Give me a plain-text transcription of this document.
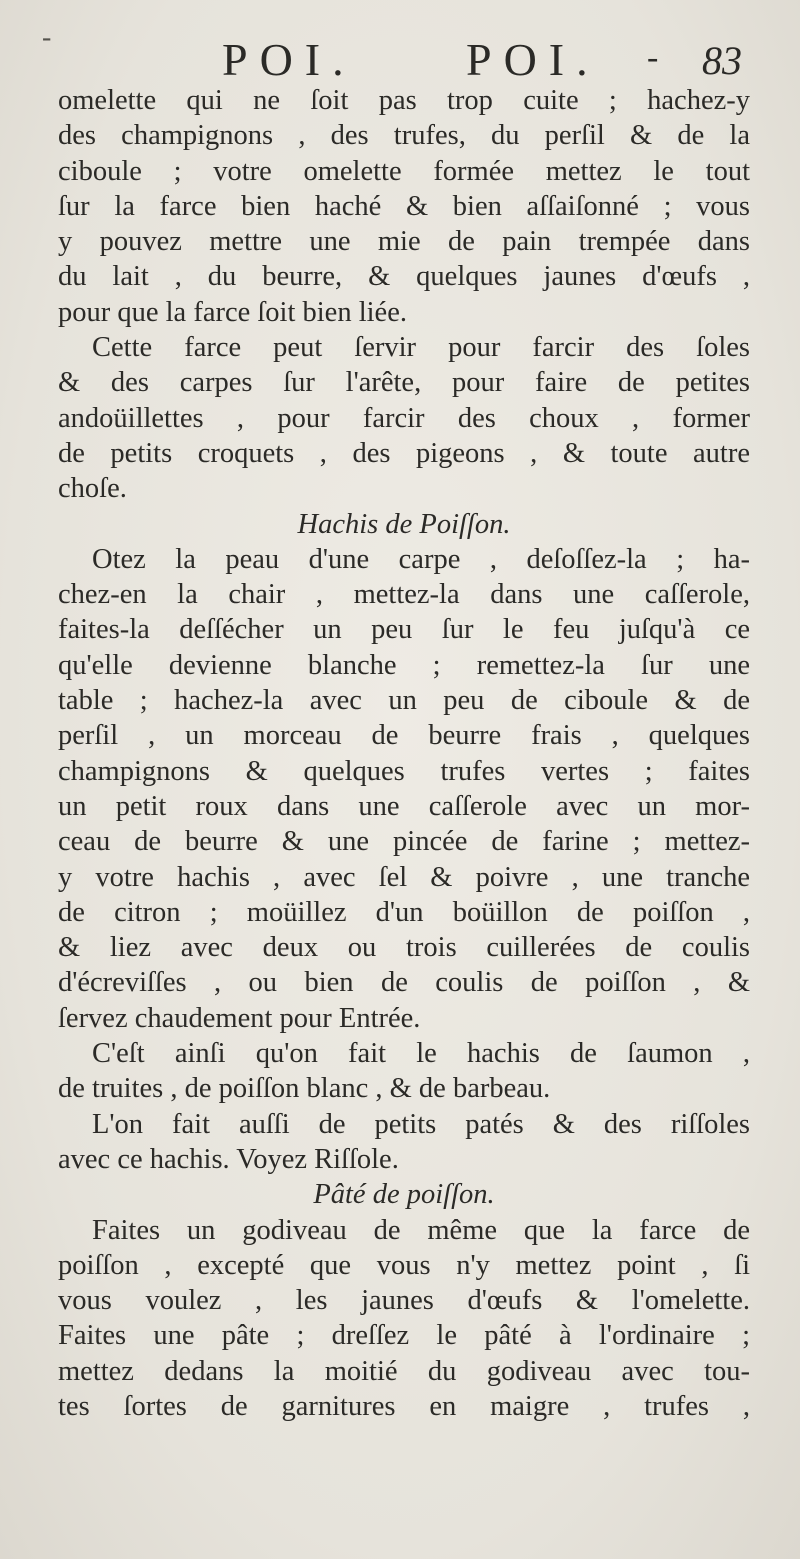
-	POI. POI. - 83
omelette qui ne ſoit pas trop cuite ; hachez-y
des champignons , des trufes, du perſil & de la
ciboule ; votre omelette formée mettez le tout
ſur la farce bien haché & bien aſſaiſonné ; vous
y pouvez mettre une mie de pain trempée dans
du lait , du beurre, & quelques jaunes d'œufs ,
pour que la farce ſoit bien liée.
Cette farce peut ſervir pour farcir des ſoles
& des carpes ſur l'arête, pour faire de petites
andoüillettes , pour farcir des choux , former
de petits croquets , des pigeons , & toute autre
choſe.
Hachis de Poiſſon.
Otez la peau d'une carpe , deſoſſez-la ; ha-
chez-en la chair , mettez-la dans une caſſerole,
faites-la deſſécher un peu ſur le feu juſqu'à ce
qu'elle devienne blanche ; remettez-la ſur une
table ; hachez-la avec un peu de ciboule & de
perſil , un morceau de beurre frais , quelques
champignons & quelques trufes vertes ; faites
un petit roux dans une caſſerole avec un mor-
ceau de beurre & une pincée de farine ; mettez-
y votre hachis , avec ſel & poivre , une tranche
de citron ; moüillez d'un boüillon de poiſſon ,
& liez avec deux ou trois cuillerées de coulis
d'écreviſſes , ou bien de coulis de poiſſon , &
ſervez chaudement pour Entrée.
C'eſt ainſi qu'on fait le hachis de ſaumon ,
de truites , de poiſſon blanc , & de barbeau.
L'on fait auſſi de petits patés & des riſſoles
avec ce hachis. Voyez Riſſole.
Pâté de poiſſon.
Faites un godiveau de même que la farce de
poiſſon , excepté que vous n'y mettez point , ſi
vous voulez , les jaunes d'œufs & l'omelette.
Faites une pâte ; dreſſez le pâté à l'ordinaire ;
mettez dedans la moitié du godiveau avec tou-
tes ſortes de garnitures en maigre , trufes ,
